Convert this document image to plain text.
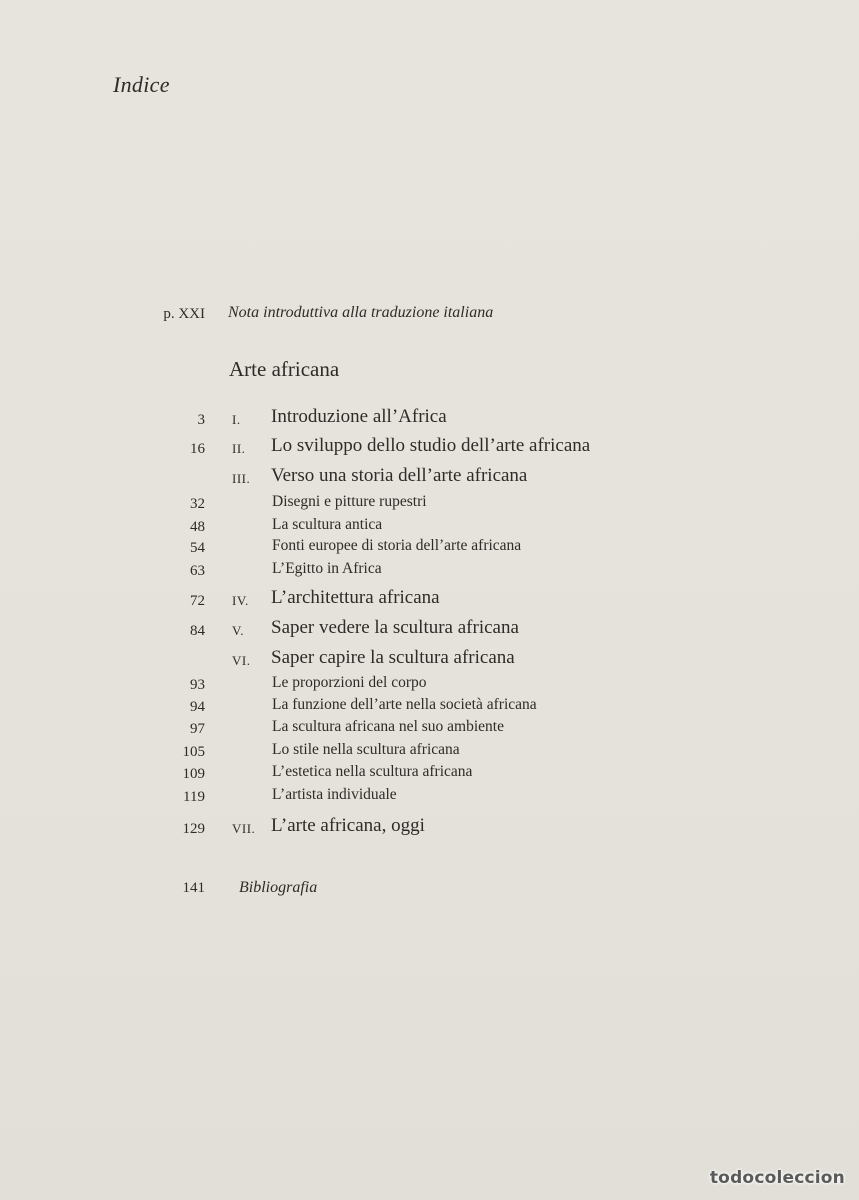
Indice
p. XXI Nota introduttiva alla traduzione italiana
Arte africana
3 I. Introduzione all’Africa
16 II. Lo sviluppo dello studio dell’arte africana
III. Verso una storia dell’arte africana
32	Disegni e pitture rupestri
48	La scultura antica
54	Fonti europee di storia dell’arte africana
63	L’Egitto in Africa
72 IV. L’architettura africana
84 V. Saper vedere la scultura africana
VI. Saper capire la scultura africana
93	Le proporzioni del corpo
94	La funzione dell’arte nella società africana
97	La scultura africana nel suo ambiente
105	Lo stile nella scultura africana
109	L’estetica nella scultura africana
119	L’artista individuale
129 VII. L’arte africana, oggi
141 Bibliografia
todocoleccion
